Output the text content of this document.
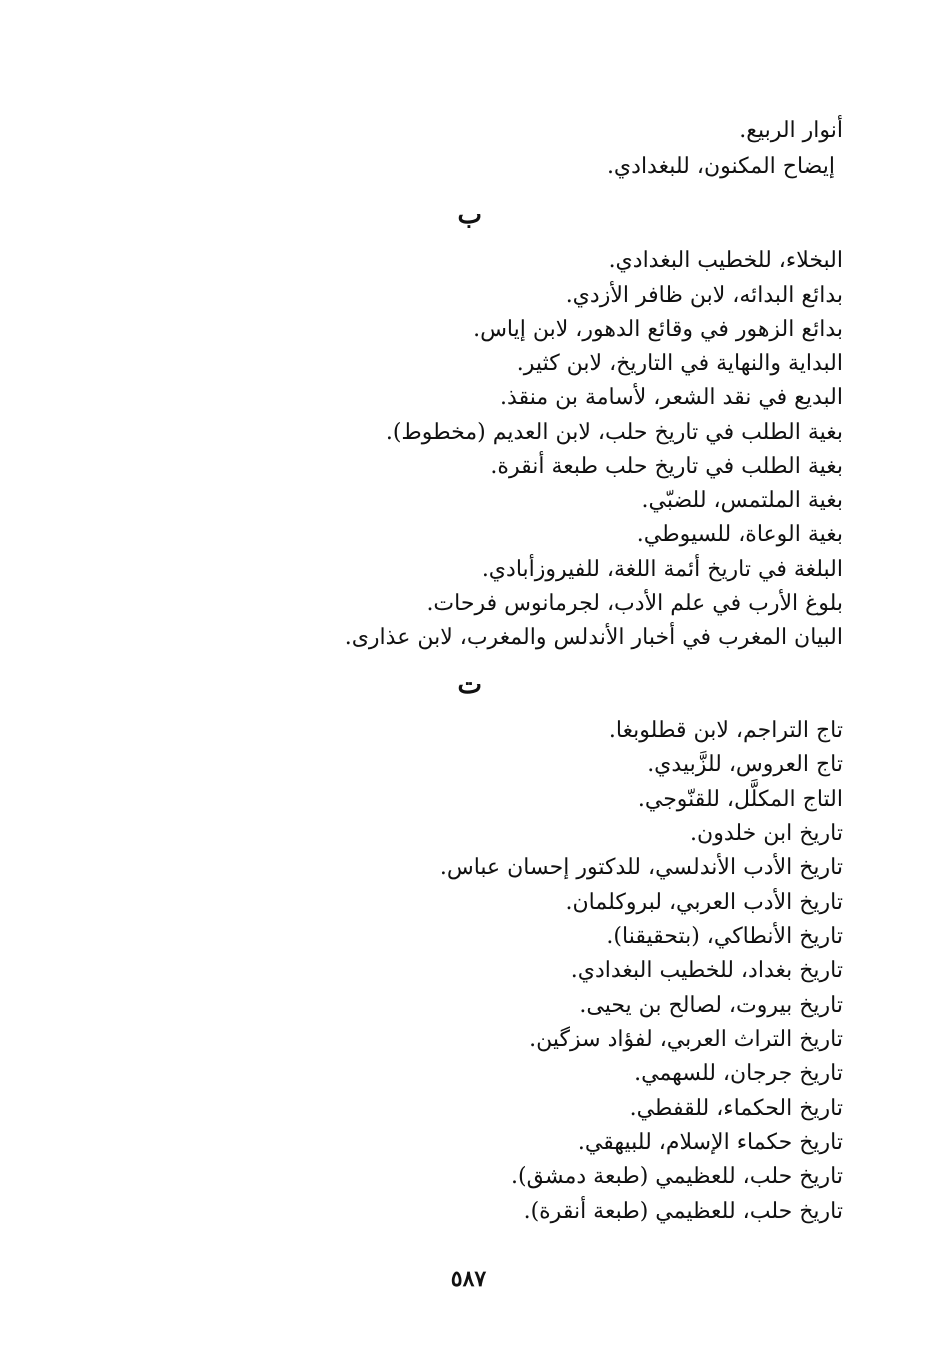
أنوار الربيع.
إيضاح المكنون، للبغدادي.
ب
البخلاء، للخطيب البغدادي.
بدائع البدائه، لابن ظافر الأزدي.
بدائع الزهور في وقائع الدهور، لابن إياس.
البداية والنهاية في التاريخ، لابن كثير.
البديع في نقد الشعر، لأسامة بن منقذ.
بغية الطلب في تاريخ حلب، لابن العديم (مخطوط).
بغية الطلب في تاريخ حلب طبعة أنقرة.
بغية الملتمس، للضبّي.
بغية الوعاة، للسيوطي.
البلغة في تاريخ أئمة اللغة، للفيروزأبادي.
بلوغ الأرب في علم الأدب، لجرمانوس فرحات.
البيان المغرب في أخبار الأندلس والمغرب، لابن عذارى.
ت
تاج التراجم، لابن قطلوبغا.
تاج العروس، للزَّبيدي.
التاج المكلَّل، للقنّوجي.
تاريخ ابن خلدون.
تاريخ الأدب الأندلسي، للدكتور إحسان عباس.
تاريخ الأدب العربي، لبروكلمان.
تاريخ الأنطاكي، (بتحقيقنا).
تاريخ بغداد، للخطيب البغدادي.
تاريخ بيروت، لصالح بن يحيى.
تاريخ التراث العربي، لفؤاد سزگين.
تاريخ جرجان، للسهمي.
تاريخ الحكماء، للقفطي.
تاريخ حكماء الإسلام، للبيهقي.
تاريخ حلب، للعظيمي (طبعة دمشق).
تاريخ حلب، للعظيمي (طبعة أنقرة).
٥٨٧
